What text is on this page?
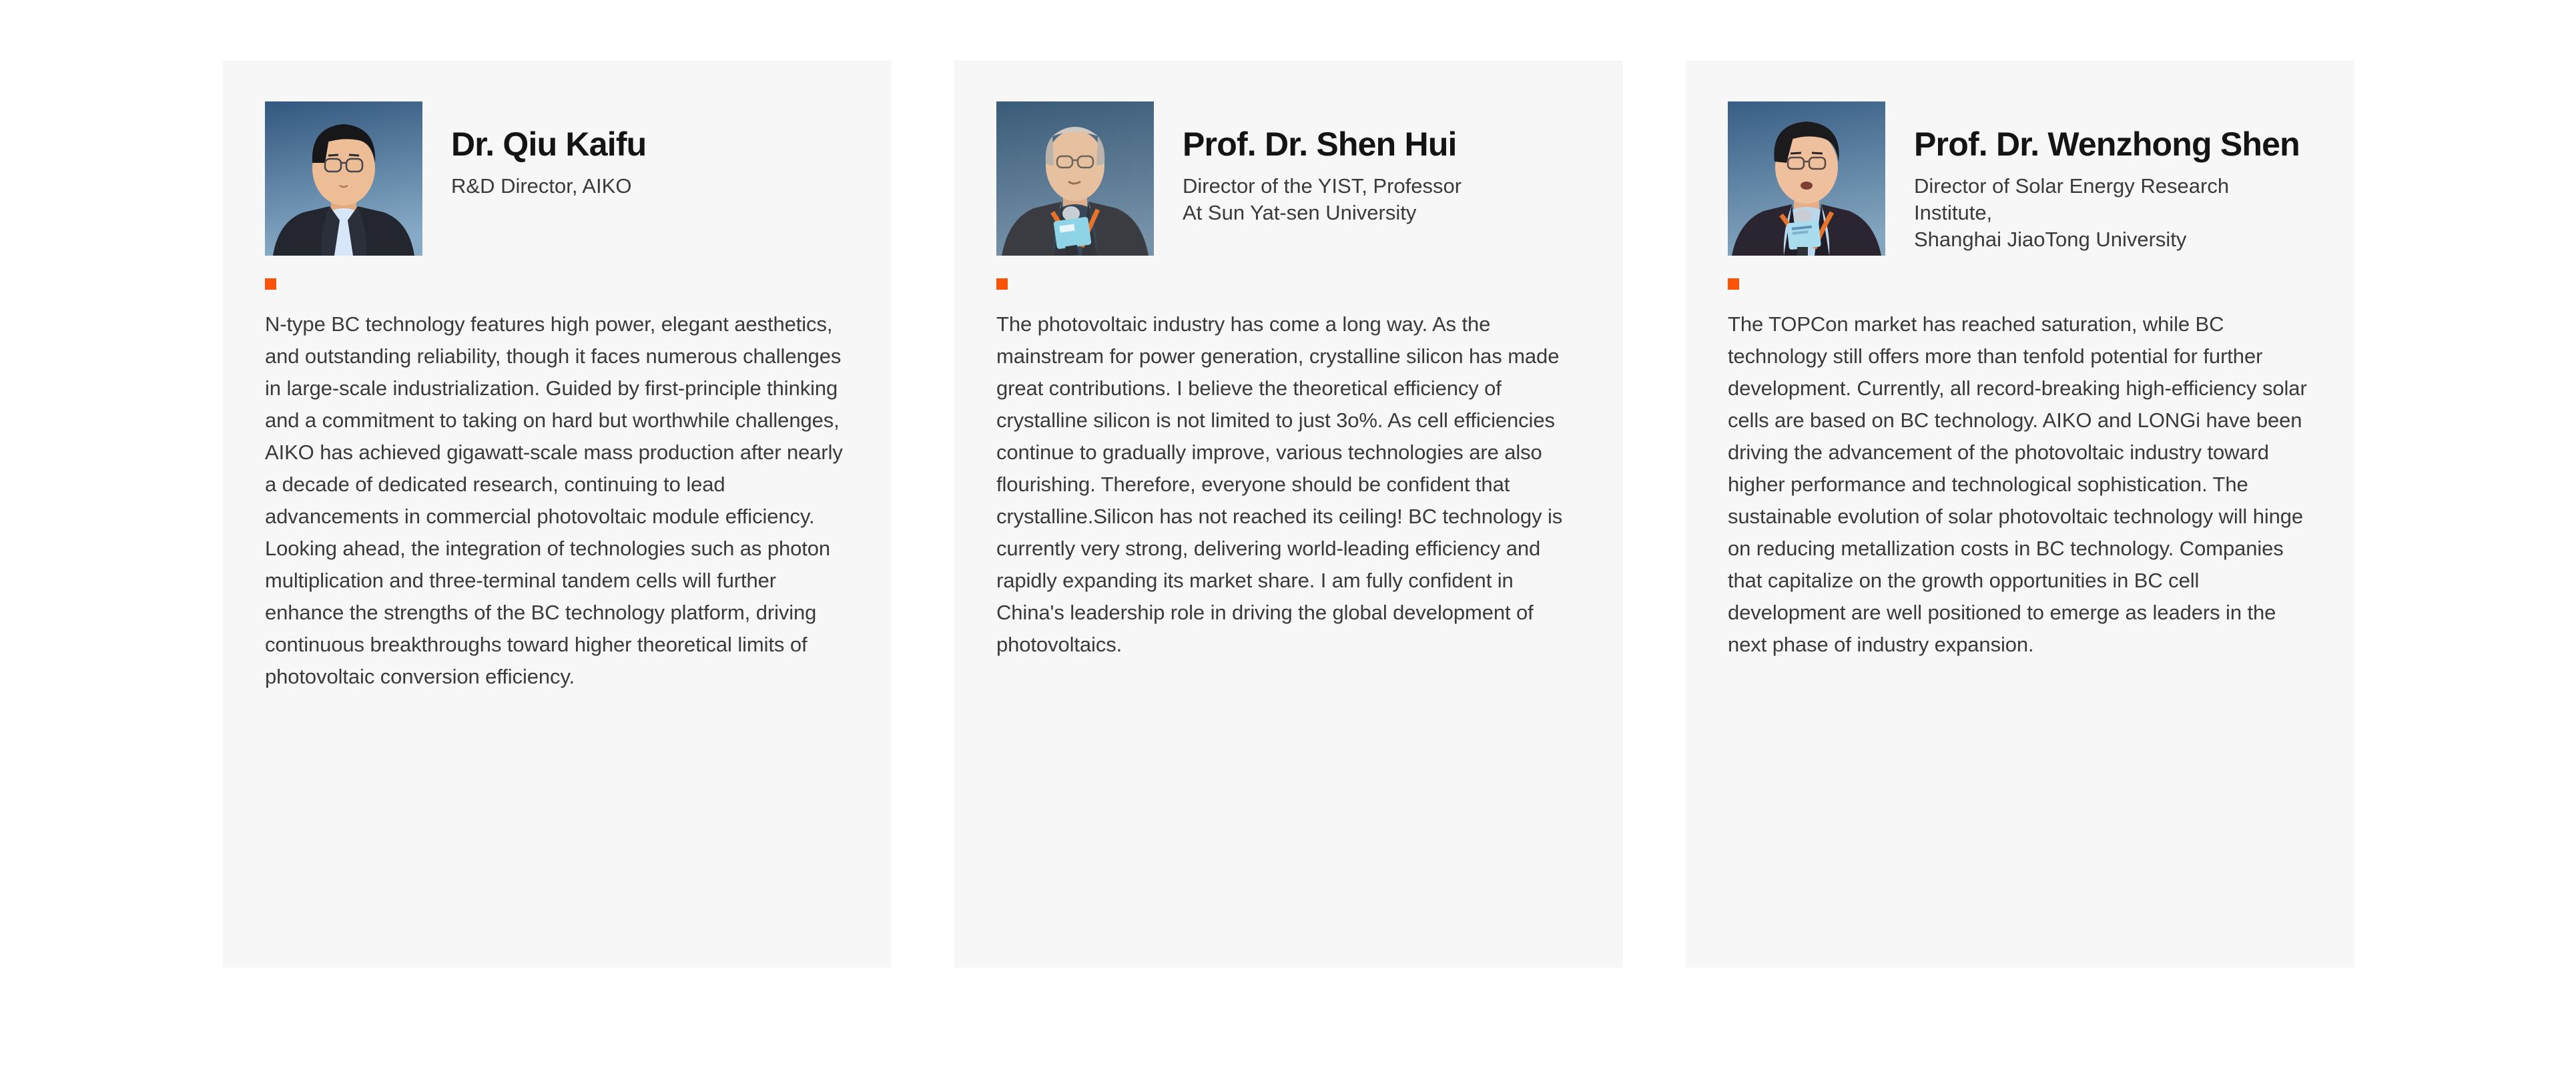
Dr. Qiu Kaifu
R&D Director, AIKO
N-type BC technology features high power, elegant aesthetics, and outstanding reliability, though it faces numerous challenges in large-scale industrialization. Guided by first-principle thinking and a commitment to taking on hard but worthwhile challenges, AIKO has achieved gigawatt-scale mass production after nearly a decade of dedicated research, continuing to lead advancements in commercial photovoltaic module efficiency. Looking ahead, the integration of technologies such as photon multiplication and three-terminal tandem cells will further enhance the strengths of the BC technology platform, driving continuous breakthroughs toward higher theoretical limits of photovoltaic conversion efficiency.
Prof. Dr. Shen Hui
Director of the YIST, Professor
At Sun Yat-sen University
The photovoltaic industry has come a long way. As the mainstream for power generation, crystalline silicon has made great contributions. I believe the theoretical efficiency of crystalline silicon is not limited to just 3o%. As cell efficiencies continue to gradually improve, various technologies are also flourishing. Therefore, everyone should be confident that crystalline.Silicon has not reached its ceiling! BC technology is currently very strong, delivering world-leading efficiency and rapidly expanding its market share. I am fully confident in China's leadership role in driving the global development of photovoltaics.
Prof. Dr. Wenzhong Shen
Director of Solar Energy Research Institute,
Shanghai JiaoTong University
The TOPCon market has reached saturation, while BC technology still offers more than tenfold potential for further development. Currently, all record-breaking high-efficiency solar cells are based on BC technology. AIKO and LONGi have been driving the advancement of the photovoltaic industry toward higher performance and technological sophistication. The sustainable evolution of solar photovoltaic technology will hinge on reducing metallization costs in BC technology. Companies that capitalize on the growth opportunities in BC cell development are well positioned to emerge as leaders in the next phase of industry expansion.
